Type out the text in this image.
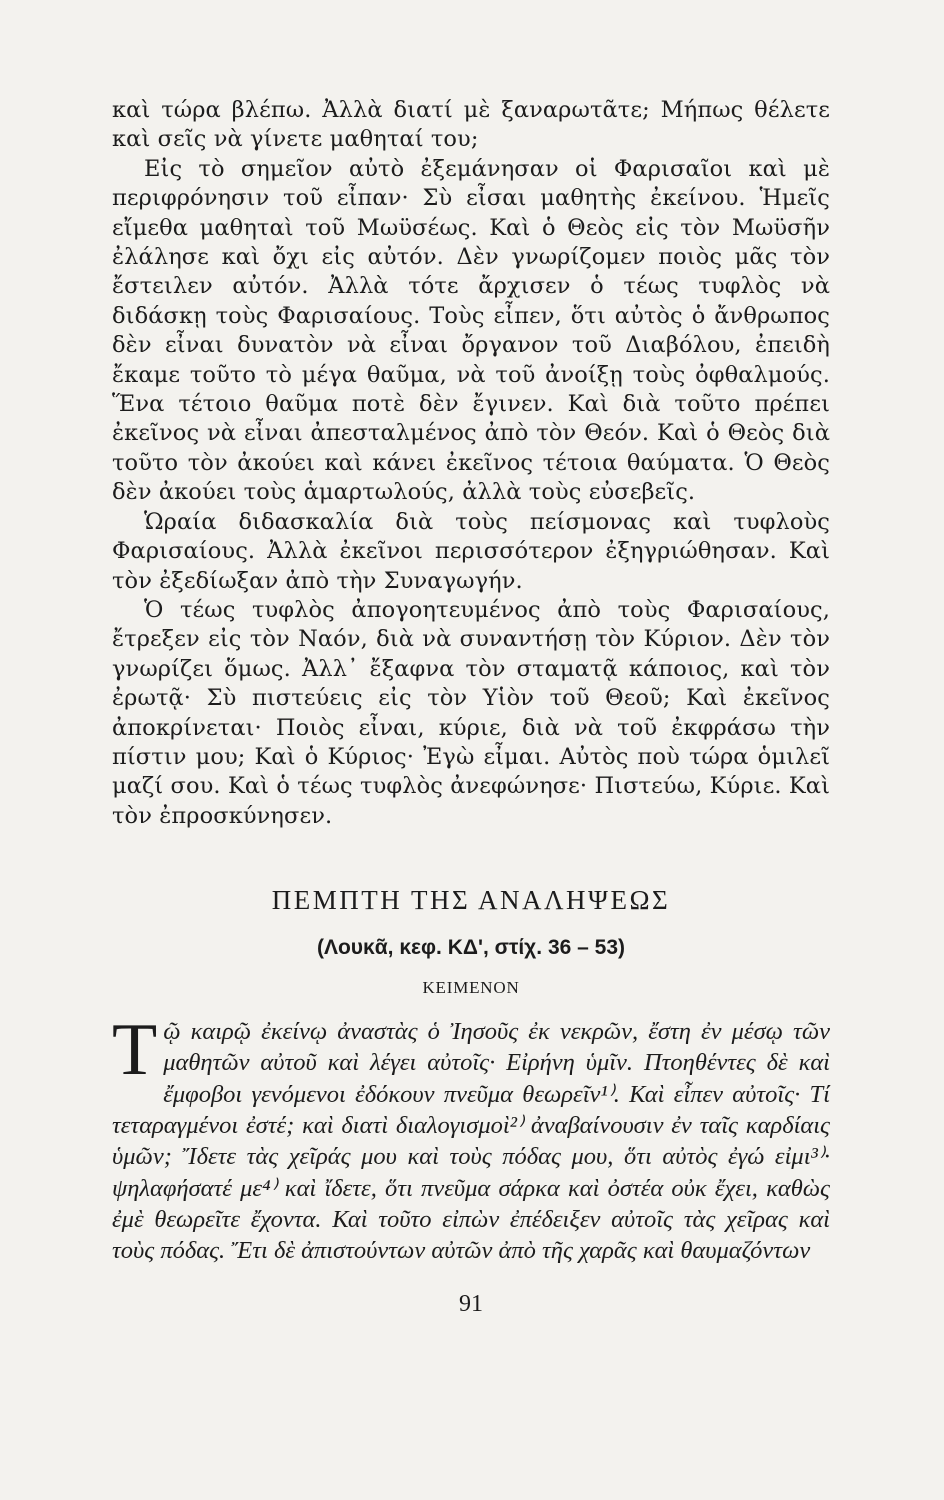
καὶ τώρα βλέπω. Ἀλλὰ διατί μὲ ξαναρωτᾶτε; Μήπως θέλετε καὶ σεῖς νὰ γίνετε μαθηταί του;

Εἰς τὸ σημεῖον αὐτὸ ἐξεμάνησαν οἱ Φαρισαῖοι καὶ μὲ περιφρόνησιν τοῦ εἶπαν· Σὺ εἶσαι μαθητὴς ἐκείνου. Ἡμεῖς εἴμεθα μαθηταὶ τοῦ Μωϋσέως. Καὶ ὁ Θεὸς εἰς τὸν Μωϋσῆν ἐλάλησε καὶ ὄχι εἰς αὐτόν. Δὲν γνωρίζομεν ποιὸς μᾶς τὸν ἔστειλεν αὐτόν. Ἀλλὰ τότε ἄρχισεν ὁ τέως τυφλὸς νὰ διδάσκῃ τοὺς Φαρισαίους. Τοὺς εἶπεν, ὅτι αὐτὸς ὁ ἄνθρωπος δὲν εἶναι δυνατὸν νὰ εἶναι ὄργανον τοῦ Διαβόλου, ἐπειδὴ ἔκαμε τοῦτο τὸ μέγα θαῦμα, νὰ τοῦ ἀνοίξῃ τοὺς ὀφθαλμούς. Ἕνα τέτοιο θαῦμα ποτὲ δὲν ἔγινεν. Καὶ διὰ τοῦτο πρέπει ἐκεῖνος νὰ εἶναι ἀπεσταλμένος ἀπὸ τὸν Θεόν. Καὶ ὁ Θεὸς διὰ τοῦτο τὸν ἀκούει καὶ κάνει ἐκεῖνος τέτοια θαύματα. Ὁ Θεὸς δὲν ἀκούει τοὺς ἁμαρτωλούς, ἀλλὰ τοὺς εὐσεβεῖς.

Ὡραία διδασκαλία διὰ τοὺς πείσμονας καὶ τυφλοὺς Φαρισαίους. Ἀλλὰ ἐκεῖνοι περισσότερον ἐξηγριώθησαν. Καὶ τὸν ἐξεδίωξαν ἀπὸ τὴν Συναγωγήν.

Ὁ τέως τυφλὸς ἀπογοητευμένος ἀπὸ τοὺς Φαρισαίους, ἔτρεξεν εἰς τὸν Ναόν, διὰ νὰ συναντήσῃ τὸν Κύριον. Δὲν τὸν γνωρίζει ὅμως. Ἀλλ᾿ ἔξαφνα τὸν σταματᾷ κάποιος, καὶ τὸν ἐρωτᾷ· Σὺ πιστεύεις εἰς τὸν Υἱὸν τοῦ Θεοῦ; Καὶ ἐκεῖνος ἀποκρίνεται· Ποιὸς εἶναι, κύριε, διὰ νὰ τοῦ ἐκφράσω τὴν πίστιν μου; Καὶ ὁ Κύριος· Ἐγὼ εἶμαι. Αὐτὸς ποὺ τώρα ὁμιλεῖ μαζί σου. Καὶ ὁ τέως τυφλὸς ἀνεφώνησε· Πιστεύω, Κύριε. Καὶ τὸν ἐπροσκύνησεν.

ΠΕΜΠΤΗ ΤΗΣ ΑΝΑΛΗΨΕΩΣ
(Λουκᾶ, κεφ. ΚΔ', στίχ. 36 – 53)
ΚΕΙΜΕΝΟΝ
Τ ῷ καιρῷ ἐκείνῳ ἀναστὰς ὁ Ἰησοῦς ἐκ νεκρῶν, ἔστη ἐν μέσῳ τῶν μαθητῶν αὐτοῦ καὶ λέγει αὐτοῖς· Εἰρήνη ὑμῖν. Πτοηθέντες δὲ καὶ ἔμφοβοι γενόμενοι ἐδόκουν πνεῦμα θεωρεῖν¹⁾. Καὶ εἶπεν αὐτοῖς· Τί τεταραγμένοι ἐστέ; καὶ διατὶ διαλογισμοὶ²⁾ ἀναβαίνουσιν ἐν ταῖς καρδίαις ὑμῶν; Ἴδετε τὰς χεῖράς μου καὶ τοὺς πόδας μου, ὅτι αὐτὸς ἐγώ εἰμι³⁾· ψηλαφήσατέ με⁴⁾ καὶ ἴδετε, ὅτι πνεῦμα σάρκα καὶ ὀστέα οὐκ ἔχει, καθὼς ἐμὲ θεωρεῖτε ἔχοντα. Καὶ τοῦτο εἰπὼν ἐπέδειξεν αὐτοῖς τὰς χεῖρας καὶ τοὺς πόδας. Ἔτι δὲ ἀπιστούντων αὐτῶν ἀπὸ τῆς χαρᾶς καὶ θαυμαζόντων
91
